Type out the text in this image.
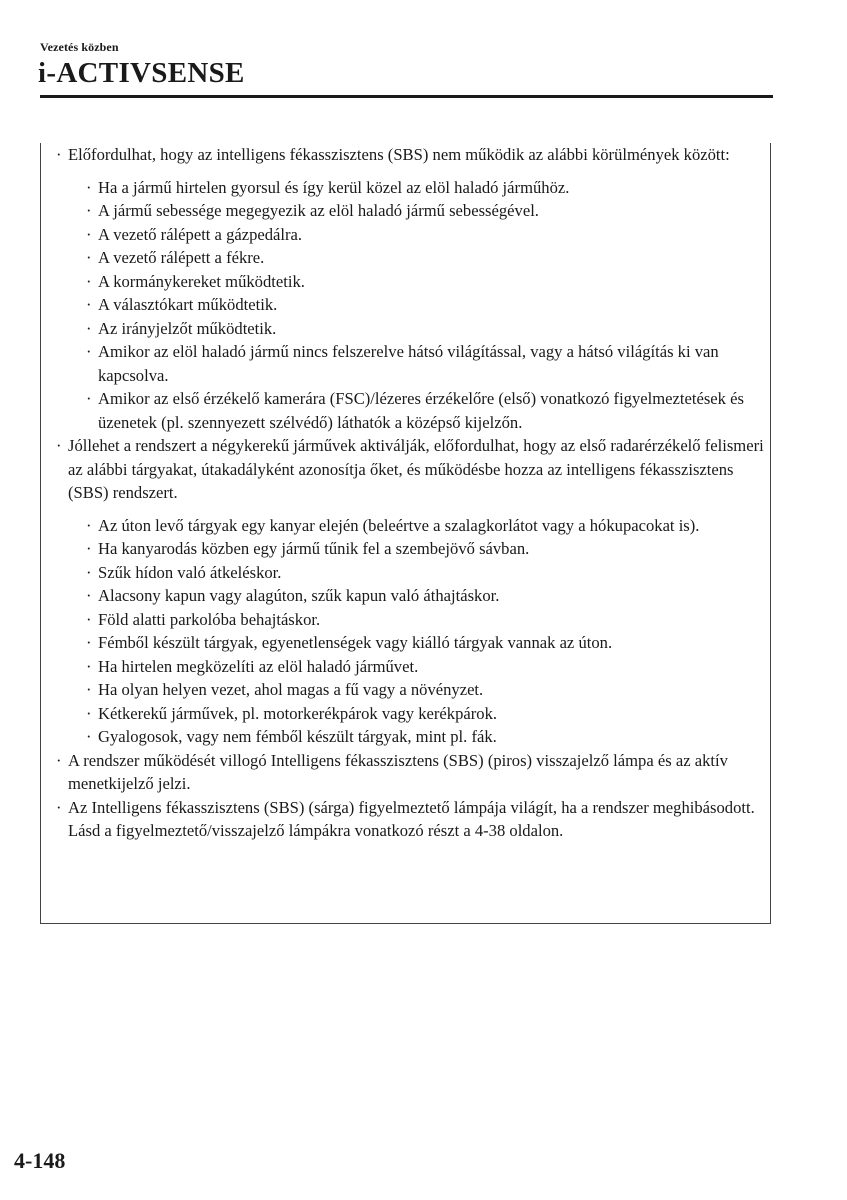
Vezetés közben
i-ACTIVSENSE
· Előfordulhat, hogy az intelligens fékasszisztens (SBS) nem működik az alábbi körülmények között:
· Ha a jármű hirtelen gyorsul és így kerül közel az elöl haladó járműhöz.
· A jármű sebessége megegyezik az elöl haladó jármű sebességével.
· A vezető rálépett a gázpedálra.
· A vezető rálépett a fékre.
· A kormánykereket működtetik.
· A választókart működtetik.
· Az irányjelzőt működtetik.
· Amikor az elöl haladó jármű nincs felszerelve hátsó világítással, vagy a hátsó világítás ki van kapcsolva.
· Amikor az első érzékelő kamerára (FSC)/lézeres érzékelőre (első) vonatkozó figyelmeztetések és üzenetek (pl. szennyezett szélvédő) láthatók a középső kijelzőn.
· Jóllehet a rendszert a négykerekű járművek aktiválják, előfordulhat, hogy az első radarérzékelő felismeri az alábbi tárgyakat, útakadályként azonosítja őket, és működésbe hozza az intelligens fékasszisztens (SBS) rendszert.
· Az úton levő tárgyak egy kanyar elején (beleértve a szalagkorlátot vagy a hókupacokat is).
· Ha kanyarodás közben egy jármű tűnik fel a szembejövő sávban.
· Szűk hídon való átkeléskor.
· Alacsony kapun vagy alagúton, szűk kapun való áthajtáskor.
· Föld alatti parkolóba behajtáskor.
· Fémből készült tárgyak, egyenetlenségek vagy kiálló tárgyak vannak az úton.
· Ha hirtelen megközelíti az elöl haladó járművet.
· Ha olyan helyen vezet, ahol magas a fű vagy a növényzet.
· Kétkerekű járművek, pl. motorkerékpárok vagy kerékpárok.
· Gyalogosok, vagy nem fémből készült tárgyak, mint pl. fák.
· A rendszer működését villogó Intelligens fékasszisztens (SBS) (piros) visszajelző lámpa és az aktív menetkijelző jelzi.
· Az Intelligens fékasszisztens (SBS) (sárga) figyelmeztető lámpája világít, ha a rendszer meghibásodott. Lásd a figyelmeztető/visszajelző lámpákra vonatkozó részt a 4-38 oldalon.
4-148
